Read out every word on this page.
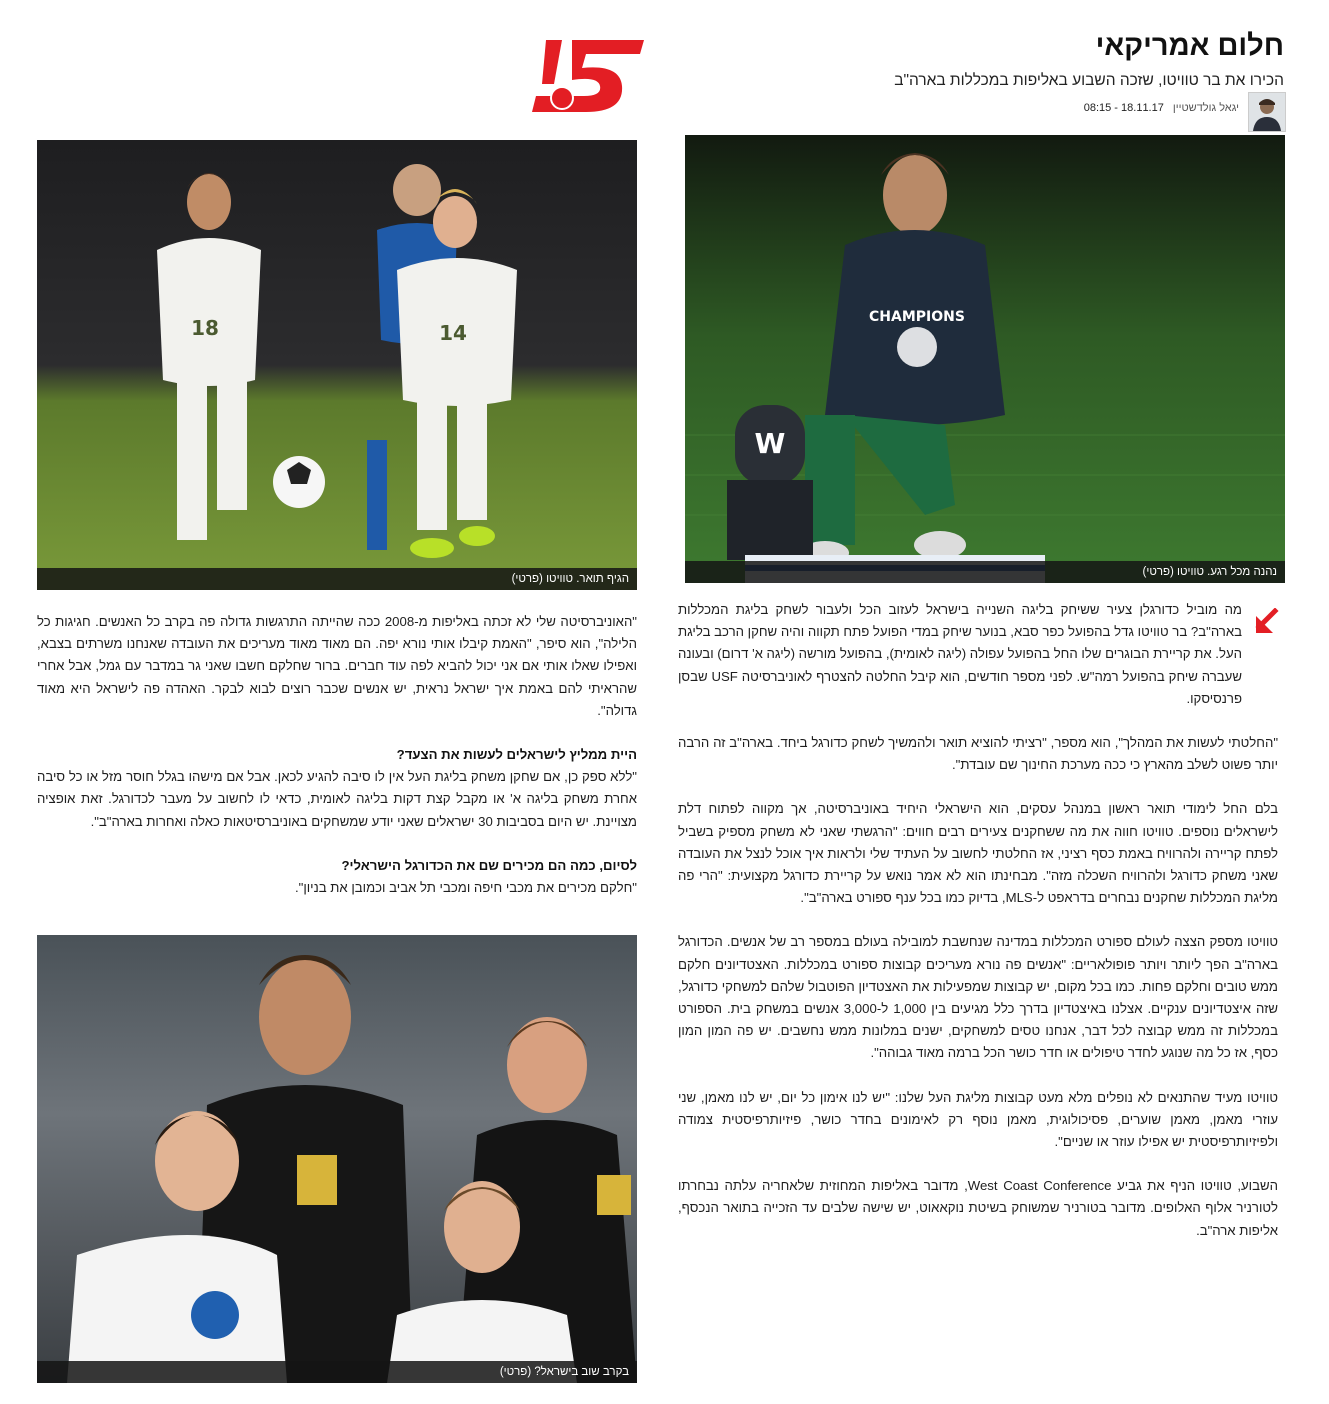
חלום אמריקאי
הכירו את בר טוויטו, שזכה השבוע באליפות במכללות בארה"ב
יגאל גולדשטיין 18.11.17 - 08:15
CHAMPIONS
W
נהנה מכל רגע. טוויטו (פרטי)
18	14
הגיף תואר. טוויטו (פרטי)
בקרב שוב בישראל? (פרטי)

מה מוביל כדורגלן צעיר ששיחק בליגה השנייה בישראל לעזוב הכל ולעבור לשחק בליגת המכללות בארה"ב? בר טוויטו גדל בהפועל כפר סבא, בנוער שיחק במדי הפועל פתח תקווה והיה שחקן הרכב בליגת העל. את קריירת הבוגרים שלו החל בהפועל עפולה (ליגה לאומית), בהפועל מורשה (ליגה א' דרום) ובעונה שעברה שיחק בהפועל רמה"ש. לפני מספר חודשים, הוא קיבל החלטה להצטרף לאוניברסיטה USF שבסן פרנסיסקו.

"החלטתי לעשות את המהלך", הוא מספר, "רציתי להוציא תואר ולהמשיך לשחק כדורגל ביחד. בארה"ב זה הרבה יותר פשוט לשלב מהארץ כי ככה מערכת החינוך שם עובדת".

בלם החל לימודי תואר ראשון במנהל עסקים, הוא הישראלי היחיד באוניברסיטה, אך מקווה לפתוח דלת לישראלים נוספים. טוויטו חווה את מה ששחקנים צעירים רבים חווים: "הרגשתי שאני לא משחק מספיק בשביל לפתח קריירה ולהרוויח באמת כסף רציני, אז החלטתי לחשוב על העתיד שלי ולראות איך אוכל לנצל את העובדה שאני משחק כדורגל ולהרוויח השכלה מזה". מבחינתו הוא לא אמר נואש על קריירת כדורגל מקצועית: "הרי פה מליגת המכללות שחקנים נבחרים בדראפט ל-MLS, בדיוק כמו בכל ענף ספורט בארה"ב".

טוויטו מספק הצצה לעולם ספורט המכללות במדינה שנחשבת למובילה בעולם במספר רב של אנשים. הכדורגל בארה"ב הפך ליותר ויותר פופולאריים: "אנשים פה נורא מעריכים קבוצות ספורט במכללות. האצטדיונים חלקם ממש טובים וחלקם פחות. כמו בכל מקום, יש קבוצות שמפעילות את האצטדיון הפוטבול שלהם למשחקי כדורגל, שזה איצטדיונים ענקיים. אצלנו באיצטדיון בדרך כלל מגיעים בין 1,000 ל-3,000 אנשים במשחק בית. הספורט במכללות זה ממש קבוצה לכל דבר, אנחנו טסים למשחקים, ישנים במלונות ממש נחשבים. יש פה המון המון כסף, אז כל מה שנוגע לחדר טיפולים או חדר כושר הכל ברמה מאוד גבוהה".

טוויטו מעיד שהתנאים לא נופלים מלא מעט קבוצות מליגת העל שלנו: "יש לנו אימון כל יום, יש לנו מאמן, שני עוזרי מאמן, מאמן שוערים, פסיכולוגית, מאמן נוסף רק לאימונים בחדר כושר, פיזיותרפיסטית צמודה ולפיזיותרפיסטית יש אפילו עוזר או שניים".

השבוע, טוויטו הניף את גביע West Coast Conference, מדובר באליפות המחוזית שלאחריה עלתה נבחרתו לטורניר אלוף האלופים. מדובר בטורניר שמשוחק בשיטת נוקאאוט, יש שישה שלבים עד הזכייה בתואר הנכסף, אליפות ארה"ב.

"האוניברסיטה שלי לא זכתה באליפות מ-2008 ככה שהייתה התרגשות גדולה פה בקרב כל האנשים. חגיגות כל הלילה", הוא סיפר, "האמת קיבלו אותי נורא יפה. הם מאוד מאוד מעריכים את העובדה שאנחנו משרתים בצבא, ואפילו שאלו אותי אם אני יכול להביא לפה עוד חברים. ברור שחלקם חשבו שאני גר במדבר עם גמל, אבל אחרי שהראיתי להם באמת איך ישראל נראית, יש אנשים שכבר רוצים לבוא לבקר. האהדה פה לישראל היא מאוד גדולה".

היית ממליץ לישראלים לעשות את הצעד?

"ללא ספק כן, אם שחקן משחק בליגת העל אין לו סיבה להגיע לכאן. אבל אם מישהו בגלל חוסר מזל או כל סיבה אחרת משחק בליגה א' או מקבל קצת דקות בליגה לאומית, כדאי לו לחשוב על מעבר לכדורגל. זאת אופציה מצויינת. יש היום בסביבות 30 ישראלים שאני יודע שמשחקים באוניברסיטאות כאלה ואחרות בארה"ב".

לסיום, כמה הם מכירים שם את הכדורגל הישראלי?

"חלקם מכירים את מכבי חיפה ומכבי תל אביב וכמובן את בניון".
